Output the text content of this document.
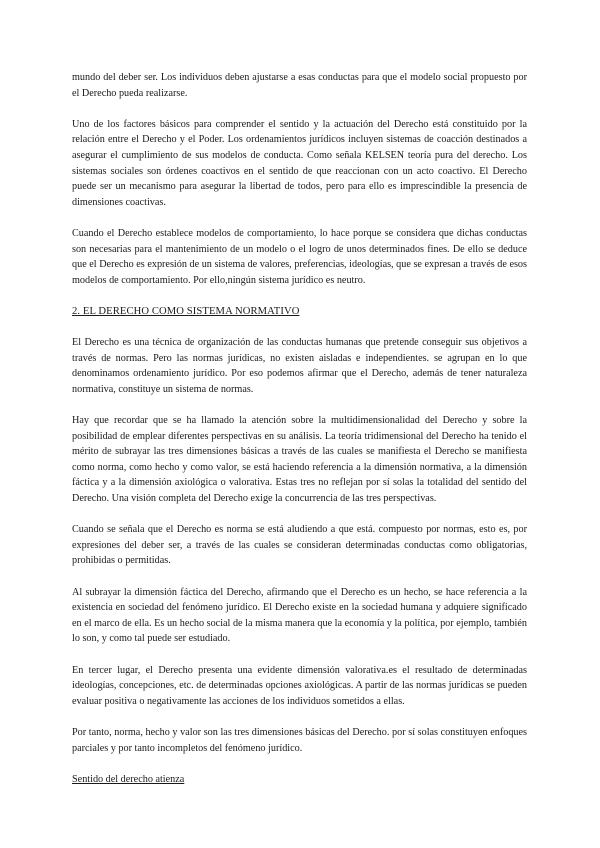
mundo del deber ser. Los individuos deben ajustarse a esas conductas para que el modelo social propuesto por el Derecho pueda realizarse.

Uno de los factores básicos para comprender el sentido y la actuación del Derecho está constituido por la relación entre el Derecho y el Poder. Los ordenamientos jurídicos incluyen sistemas de coacción destinados a asegurar el cumplimiento de sus modelos de conducta. Como señala KELSEN teoría pura del derecho. Los sistemas sociales son órdenes coactivos en el sentido de que reaccionan con un acto coactivo. El Derecho puede ser un mecanismo para asegurar la libertad de todos, pero para ello es imprescindible la presencia de dimensiones coactivas.

Cuando el Derecho establece modelos de comportamiento, lo hace porque se considera que dichas conductas son necesarias para el mantenimiento de un modelo o el logro de unos determinados fines. De ello se deduce que el Derecho es expresión de un sistema de valores, preferencias, ideologías, que se expresan a través de esos modelos de comportamiento. Por ello,ningún sistema jurídico es neutro.

2. EL DERECHO COMO SISTEMA NORMATIVO

El Derecho es una técnica de organización de las conductas humanas que pretende conseguir sus objetivos a través de normas. Pero las normas jurídicas, no existen aisladas e independientes. se agrupan en lo que denominamos ordenamiento jurídico. Por eso podemos afirmar que el Derecho, además de tener naturaleza normativa, constituye un sistema de normas.

Hay que recordar que se ha llamado la atención sobre la multidimensionalidad del Derecho y sobre la posibilidad de emplear diferentes perspectivas en su análisis. La teoría tridimensional del Derecho ha tenido el mérito de subrayar las tres dimensiones básicas a través de las cuales se manifiesta el Derecho se manifiesta como norma, como hecho y como valor, se está haciendo referencia a la dimensión normativa, a la dimensión fáctica y a la dimensión axiológica o valorativa. Estas tres no reflejan por sí solas la totalidad del sentido del Derecho. Una visión completa del Derecho exige la concurrencia de las tres perspectivas.

Cuando se señala que el Derecho es norma se está aludiendo a que está. compuesto por normas, esto es, por expresiones del deber ser, a través de las cuales se consideran determinadas conductas como obligatorias, prohibidas o permitidas.

Al subrayar la dimensión fáctica del Derecho, afirmando que el Derecho es un hecho, se hace referencia a la existencia en sociedad del fenómeno jurídico. El Derecho existe en la sociedad humana y adquiere significado en el marco de ella. Es un hecho social de la misma manera que la economía y la política, por ejemplo, también lo son, y como tal puede ser estudiado.

En tercer lugar, el Derecho presenta una evidente dimensión valorativa.es el resultado de determinadas ideologías, concepciones, etc. de determinadas opciones axiológicas. A partir de las normas jurídicas se pueden evaluar positiva o negativamente las acciones de los individuos sometidos a ellas.

Por tanto, norma, hecho y valor son las tres dimensiones básicas del Derecho. por sí solas constituyen enfoques parciales y por tanto incompletos del fenómeno jurídico.

Sentido del derecho atienza
